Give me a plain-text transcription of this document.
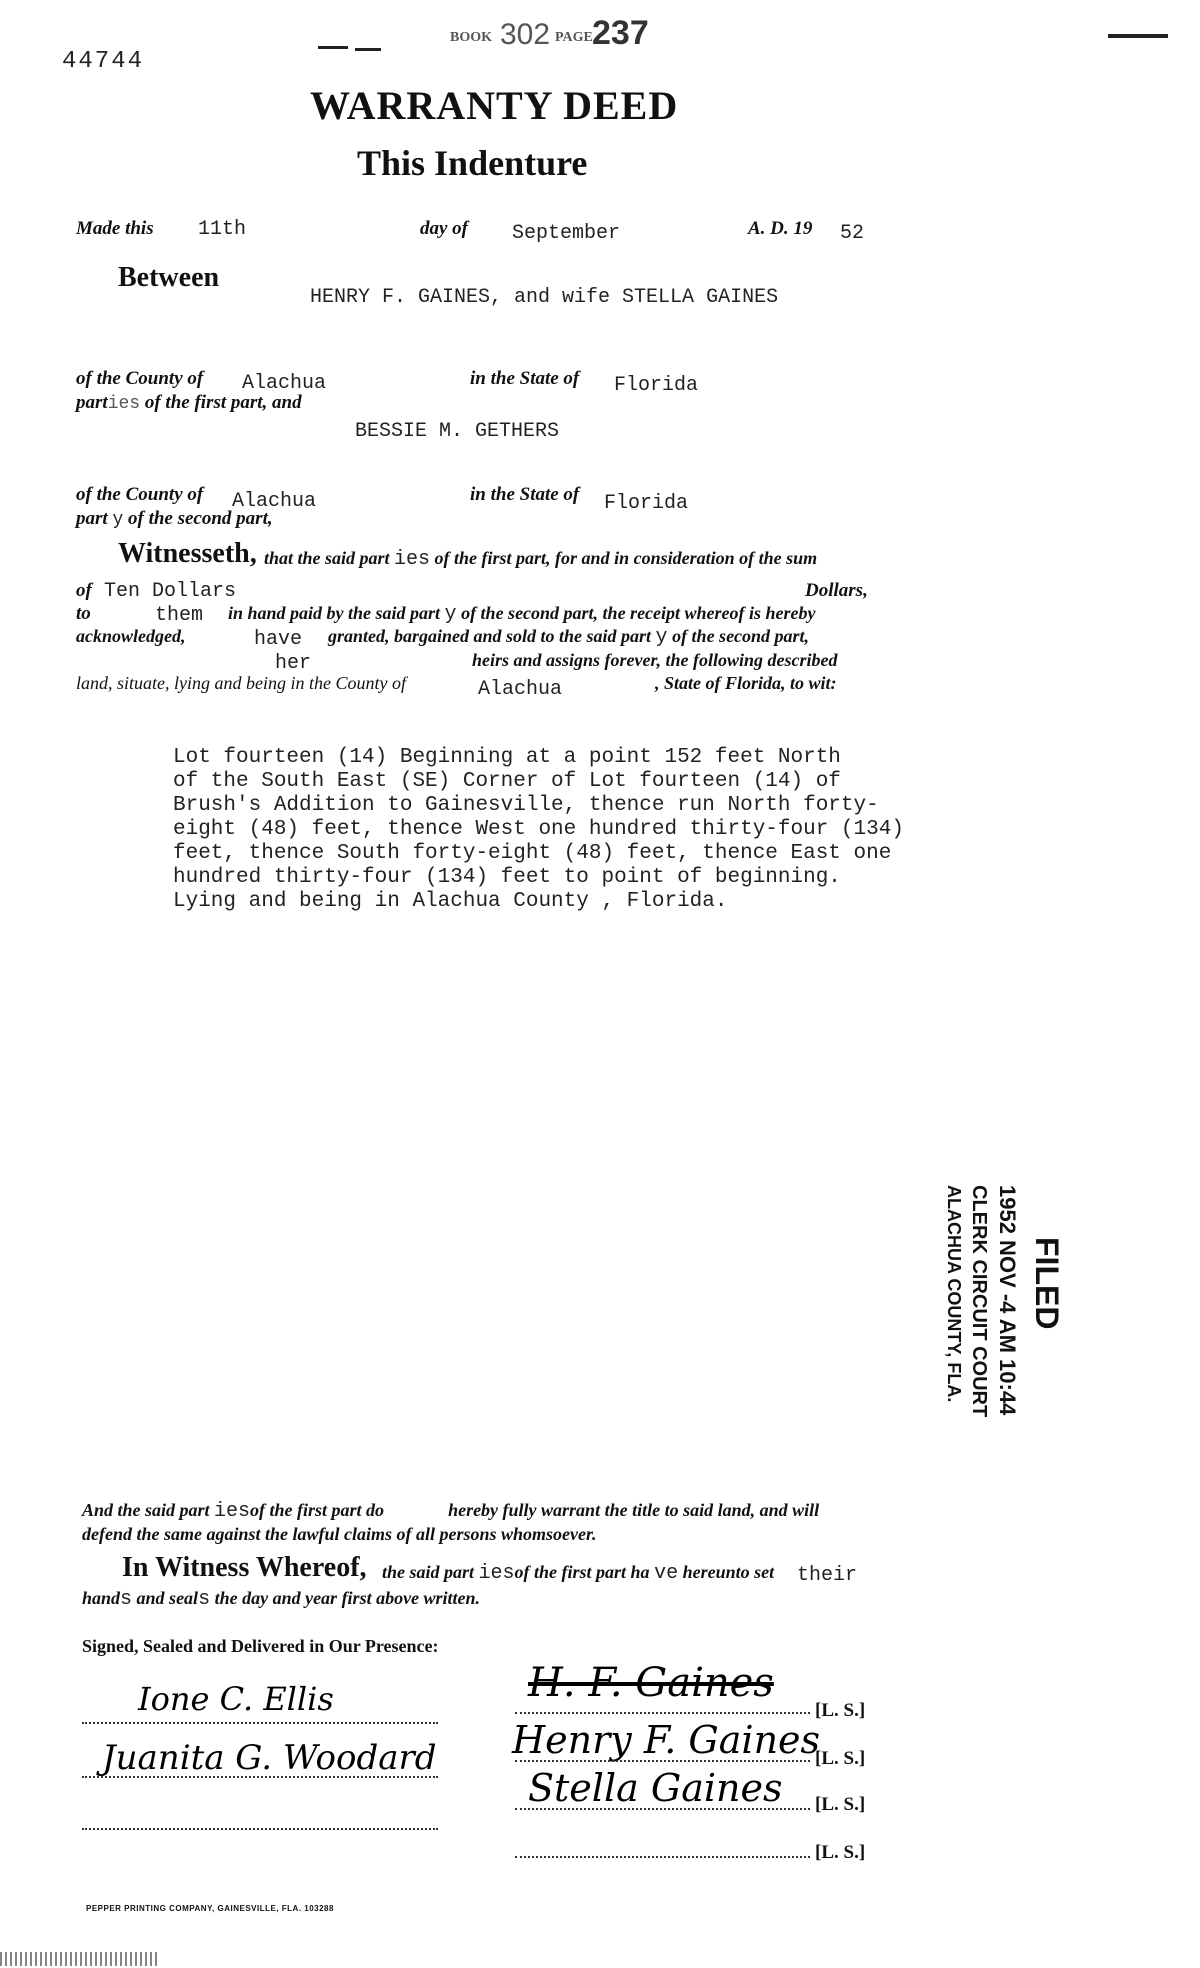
44744
BOOK 302 PAGE 237
WARRANTY DEED
This Indenture
Made this 11th	day of September	A. D. 19 52
Between
HENRY F. GAINES, and wife STELLA GAINES
of the County of Alachua	in the State of Florida
parties of the first part, and
BESSIE M. GETHERS
of the County of Alachua	in the State of Florida
part y of the second part,
Witnesseth, that the said part ies of the first part, for and in consideration of the sum
of Ten Dollars	Dollars,
to	them in hand paid by the said part y of the second part, the receipt whereof is hereby
acknowledged,	have granted, bargained and sold to the said part y of the second part,
her	heirs and assigns forever, the following described
land, situate, lying and being in the County of	Alachua	, State of Florida, to wit:
Lot fourteen (14) Beginning at a point 152 feet North
of the South East (SE) Corner of Lot fourteen (14) of
Brush's Addition to Gainesville, thence run North forty-
eight (48) feet, thence West one hundred thirty-four (134)
feet, thence South forty-eight (48) feet, thence East one
hundred thirty-four (134) feet to point of beginning.
Lying and being in Alachua County , Florida.
FILED
1952 NOV -4 AM 10:44
CLERK CIRCUIT COURT
ALACHUA COUNTY, FLA.
And the said part iesof the first part do	hereby fully warrant the title to said land, and will
defend the same against the lawful claims of all persons whomsoever.
In Witness Whereof, the said part iesof the first part ha ve hereunto set their
hands and seals the day and year first above written.
Signed, Sealed and Delivered in Our Presence:
Ione C. Ellis
Juanita G. Woodard
H. F. Gaines
[L. S.]
Henry F. Gaines
[L. S.]
Stella Gaines [L. S.]
[L. S.]
PEPPER PRINTING COMPANY, GAINESVILLE, FLA. 103288
